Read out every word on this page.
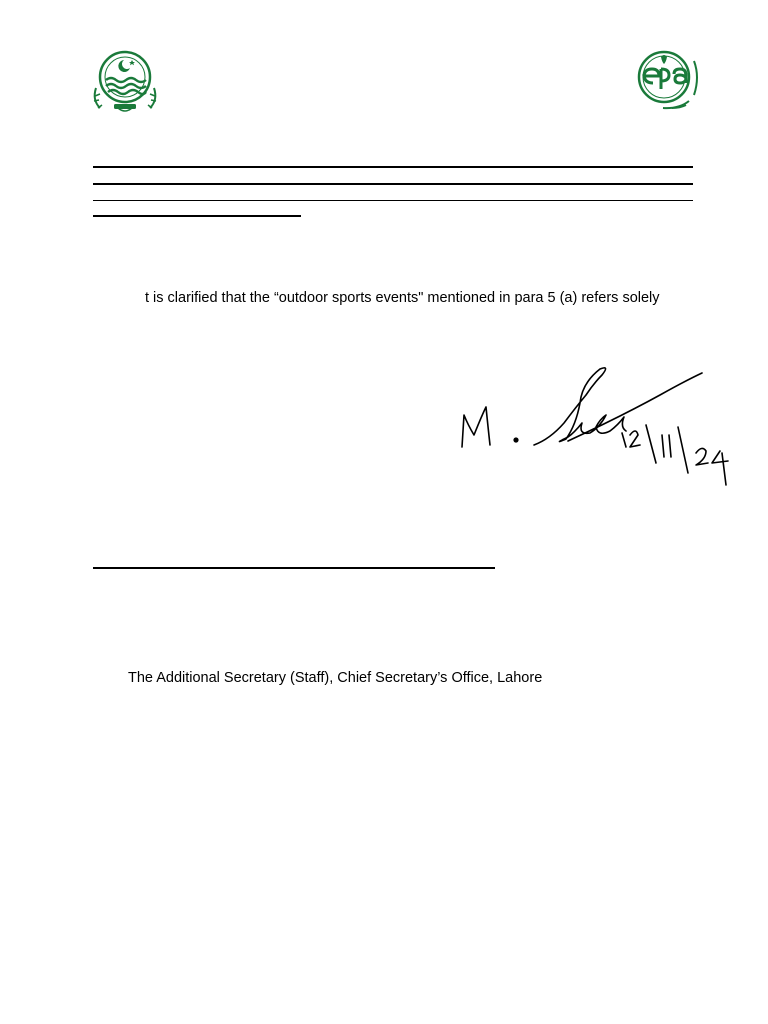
t is clarified that the “outdoor sports events" mentioned in para 5 (a) refers solely
The Additional Secretary (Staff), Chief Secretary’s Office, Lahore
